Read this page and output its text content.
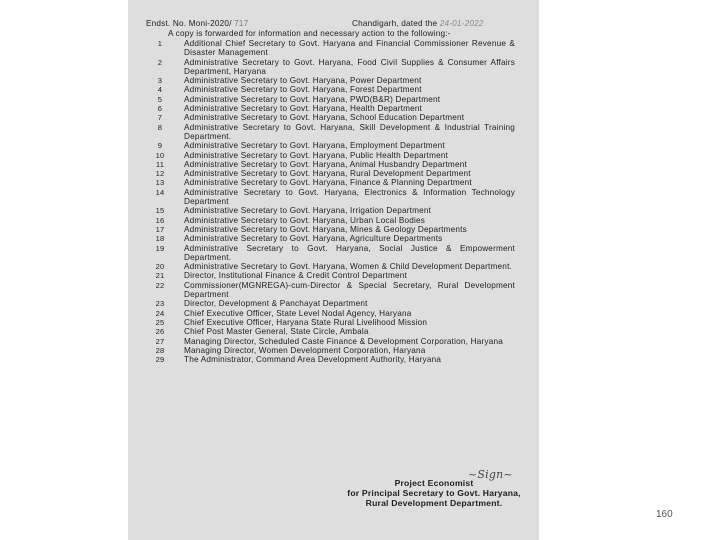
Endst. No. Moni-2020/ 717	Chandigarh, dated the 24-01-2022
A copy is forwarded for information and necessary action to the following:-
1	Additional Chief Secretary to Govt. Haryana and Financial Commissioner Revenue & Disaster Management
2	Administrative Secretary to Govt. Haryana, Food Civil Supplies & Consumer Affairs Department, Haryana
3	Administrative Secretary to Govt. Haryana, Power Department
4	Administrative Secretary to Govt. Haryana, Forest Department
5	Administrative Secretary to Govt. Haryana, PWD(B&R) Department
6	Administrative Secretary to Govt. Haryana, Health Department
7	Administrative Secretary to Govt. Haryana, School Education Department
8	Administrative Secretary to Govt. Haryana, Skill Development & Industrial Training Department.
9	Administrative Secretary to Govt. Haryana, Employment Department
10	Administrative Secretary to Govt. Haryana, Public Health Department
11	Administrative Secretary to Govt. Haryana, Animal Husbandry Department
12	Administrative Secretary to Govt. Haryana, Rural Development Department
13	Administrative Secretary to Govt. Haryana, Finance & Planning Department
14	Administrative Secretary to Govt. Haryana, Electronics & Information Technology Department
15	Administrative Secretary to Govt. Haryana, Irrigation Department
16	Administrative Secretary to Govt. Haryana, Urban Local Bodies
17	Administrative Secretary to Govt. Haryana, Mines & Geology Departments
18	Administrative Secretary to Govt. Haryana, Agriculture Departments
19	Administrative Secretary to Govt. Haryana, Social Justice & Empowerment Department.
20	Administrative Secretary to Govt. Haryana, Women & Child Development Department.
21	Director, Institutional Finance & Credit Control Department
22	Commissioner(MGNREGA)-cum-Director & Special Secretary, Rural Development Department
23	Director, Development & Panchayat Department
24	Chief Executive Officer, State Level Nodal Agency, Haryana
25	Chief Executive Officer, Haryana State Rural Livelihood Mission
26	Chief Post Master General, State Circle, Ambala
27	Managing Director, Scheduled Caste Finance & Development Corporation, Haryana
28	Managing Director, Women Development Corporation, Haryana
29	The Administrator, Command Area Development Authority, Haryana
~Sign~
Project Economist
for Principal Secretary to Govt. Haryana,
Rural Development Department.
160
